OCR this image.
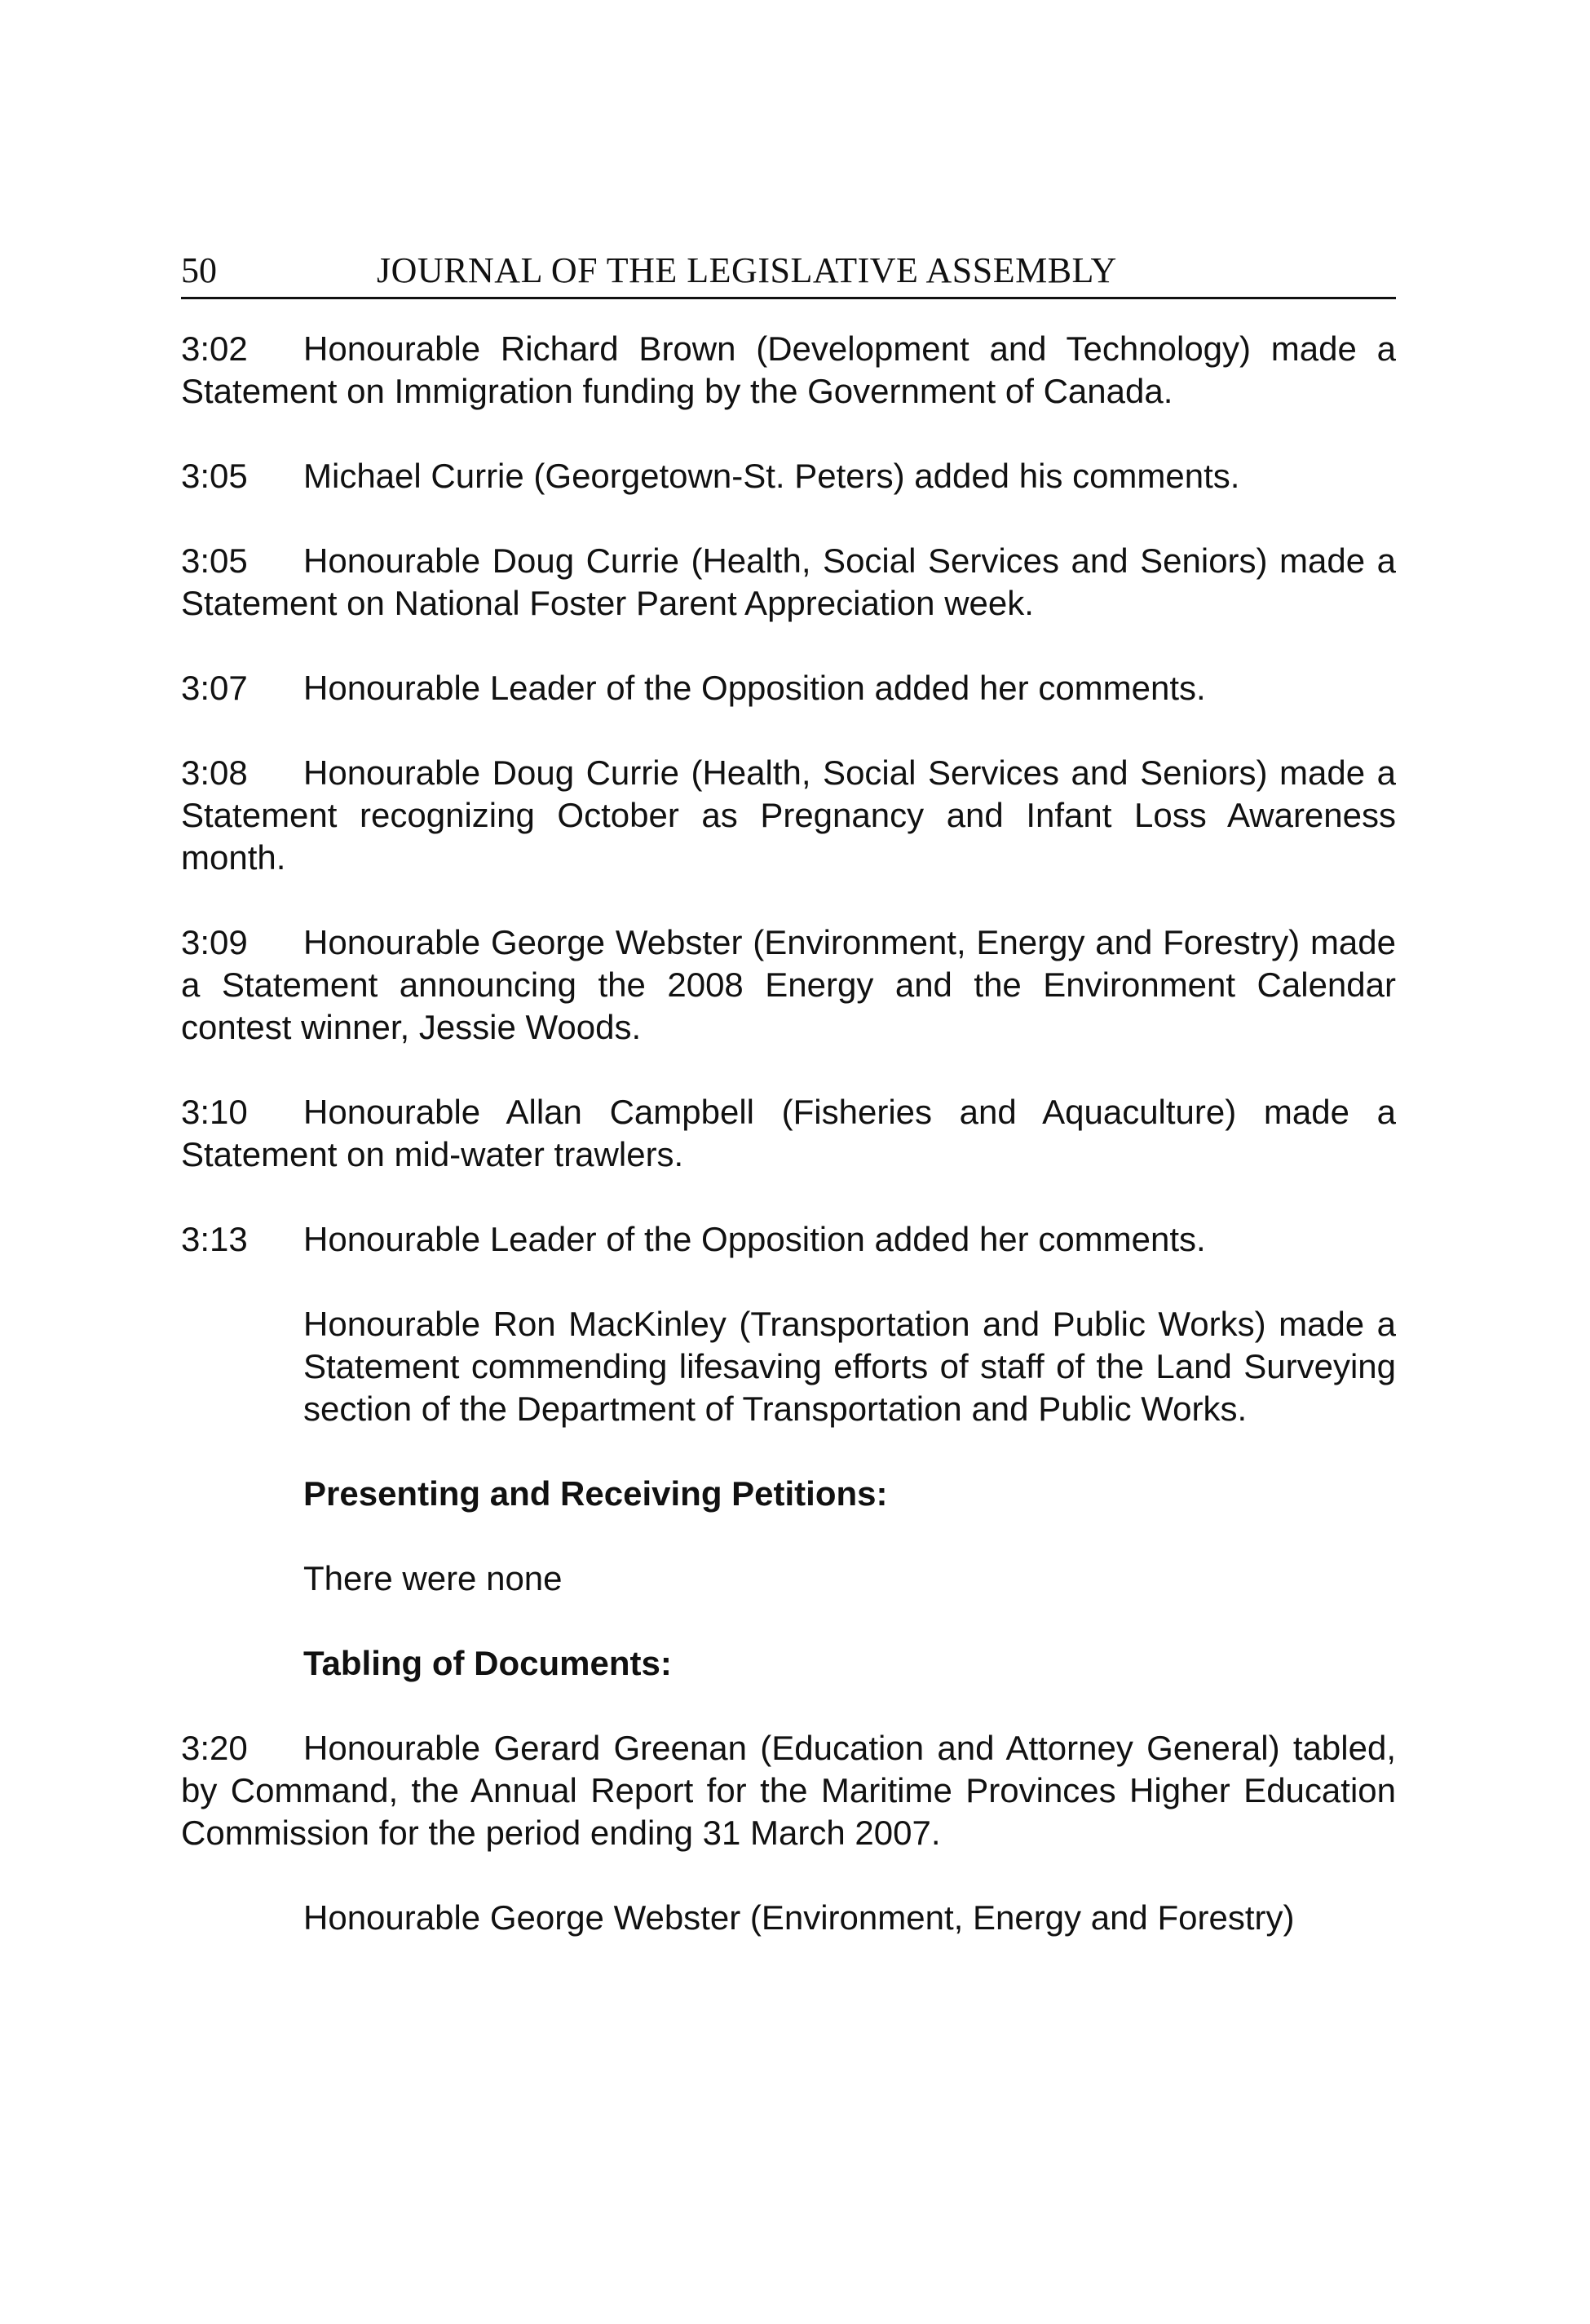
50	JOURNAL OF THE LEGISLATIVE ASSEMBLY

3:02 Honourable Richard Brown (Development and Technology) made a Statement on Immigration funding by the Government of Canada.

3:05 Michael Currie (Georgetown-St. Peters) added his comments.

3:05 Honourable Doug Currie (Health, Social Services and Seniors) made a Statement on National Foster Parent Appreciation week.

3:07 Honourable Leader of the Opposition added her comments.

3:08 Honourable Doug Currie (Health, Social Services and Seniors) made a Statement recognizing October as Pregnancy and Infant Loss Awareness month.

3:09 Honourable George Webster (Environment, Energy and Forestry) made a Statement announcing the 2008 Energy and the Environment Calendar contest winner, Jessie Woods.

3:10 Honourable Allan Campbell (Fisheries and Aquaculture) made a Statement on mid-water trawlers.

3:13 Honourable Leader of the Opposition added her comments.

Honourable Ron MacKinley (Transportation and Public Works) made a Statement commending lifesaving efforts of staff of the Land Surveying section of the Department of Transportation and Public Works.

Presenting and Receiving Petitions:

There were none

Tabling of Documents:

3:20 Honourable Gerard Greenan (Education and Attorney General) tabled, by Command, the Annual Report for the Maritime Provinces Higher Education Commission for the period ending 31 March 2007.

Honourable George Webster (Environment, Energy and Forestry)
